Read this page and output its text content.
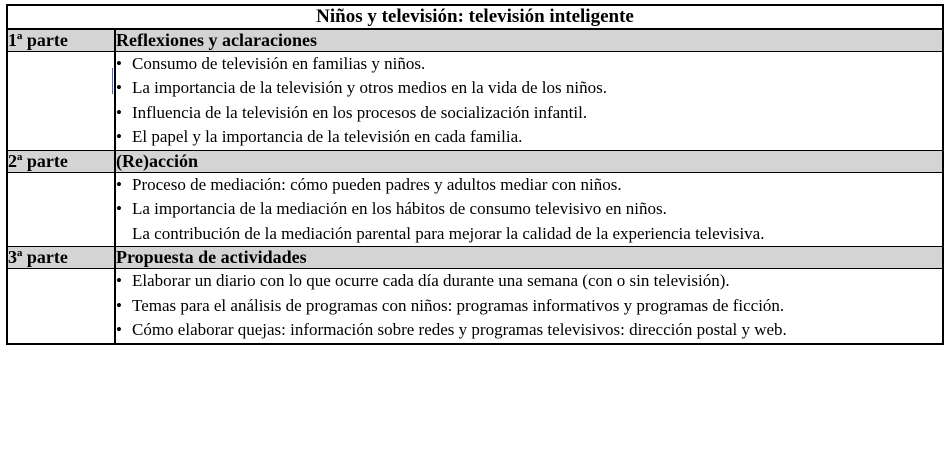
Niños y televisión: televisión inteligente	
1ª parte	Reflexiones y aclaraciones

• Consumo de televisión en familias y niños.
• La importancia de la televisión y otros medios en la vida de los niños.
• Influencia de la televisión en los procesos de socialización infantil.
• El papel y la importancia de la televisión en cada familia.

2ª parte	(Re)acción

• Proceso de mediación: cómo pueden padres y adultos mediar con niños.
• La importancia de la mediación en los hábitos de consumo televisivo en niños.
La contribución de la mediación parental para mejorar la calidad de la experiencia televisiva.

3ª parte	Propuesta de actividades

• Elaborar un diario con lo que ocurre cada día durante una semana (con o sin televisión).
• Temas para el análisis de programas con niños: programas informativos y programas de ficción.
• Cómo elaborar quejas: información sobre redes y programas televisivos: dirección postal y web.
